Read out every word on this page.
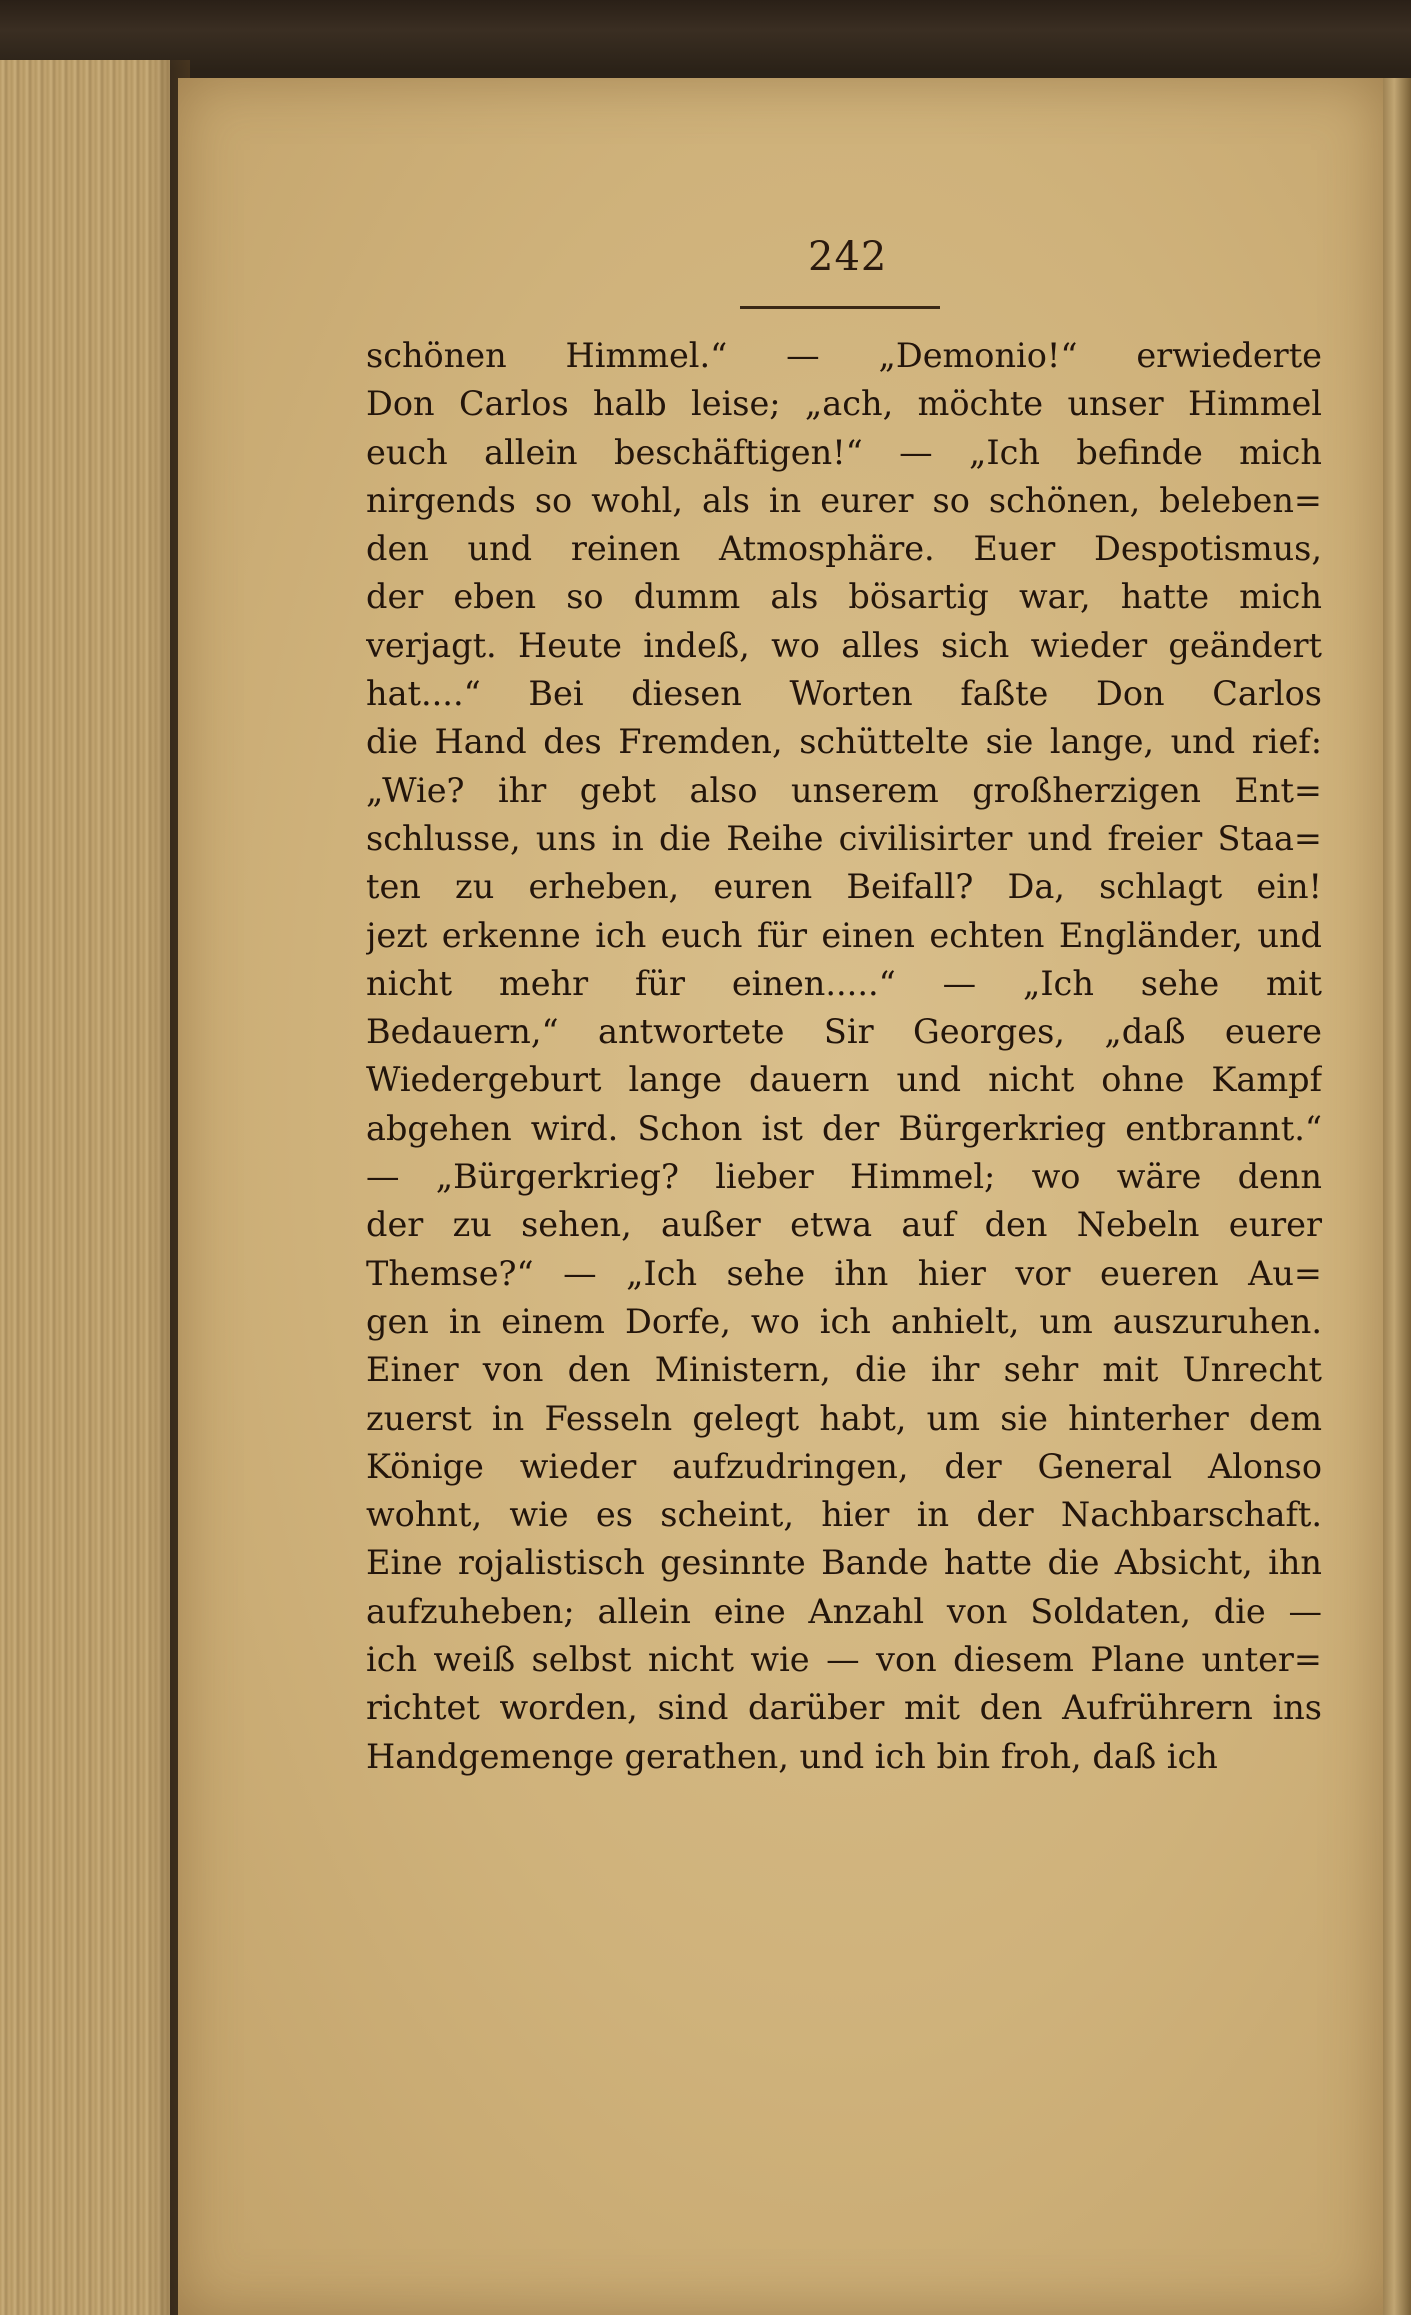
242
schönen Himmel.“ — „Demonio!“ erwiederte
Don Carlos halb leise; „ach, möchte unser Himmel
euch allein beschäftigen!“ — „Ich befinde mich
nirgends so wohl, als in eurer so schönen, beleben=
den und reinen Atmosphäre. Euer Despotismus,
der eben so dumm als bösartig war, hatte mich
verjagt. Heute indeß, wo alles sich wieder geändert
hat....“ Bei diesen Worten faßte Don Carlos
die Hand des Fremden, schüttelte sie lange, und rief:
„Wie? ihr gebt also unserem großherzigen Ent=
schlusse, uns in die Reihe civilisirter und freier Staa=
ten zu erheben, euren Beifall? Da, schlagt ein!
jezt erkenne ich euch für einen echten Engländer, und
nicht mehr für einen.....“ — „Ich sehe mit
Bedauern,“ antwortete Sir Georges, „daß euere
Wiedergeburt lange dauern und nicht ohne Kampf
abgehen wird. Schon ist der Bürgerkrieg entbrannt.“
— „Bürgerkrieg? lieber Himmel; wo wäre denn
der zu sehen, außer etwa auf den Nebeln eurer
Themse?“ — „Ich sehe ihn hier vor eueren Au=
gen in einem Dorfe, wo ich anhielt, um auszuruhen.
Einer von den Ministern, die ihr sehr mit Unrecht
zuerst in Fesseln gelegt habt, um sie hinterher dem
Könige wieder aufzudringen, der General Alonso
wohnt, wie es scheint, hier in der Nachbarschaft.
Eine rojalistisch gesinnte Bande hatte die Absicht, ihn
aufzuheben; allein eine Anzahl von Soldaten, die —
ich weiß selbst nicht wie — von diesem Plane unter=
richtet worden, sind darüber mit den Aufrührern ins
Handgemenge gerathen, und ich bin froh, daß ich
